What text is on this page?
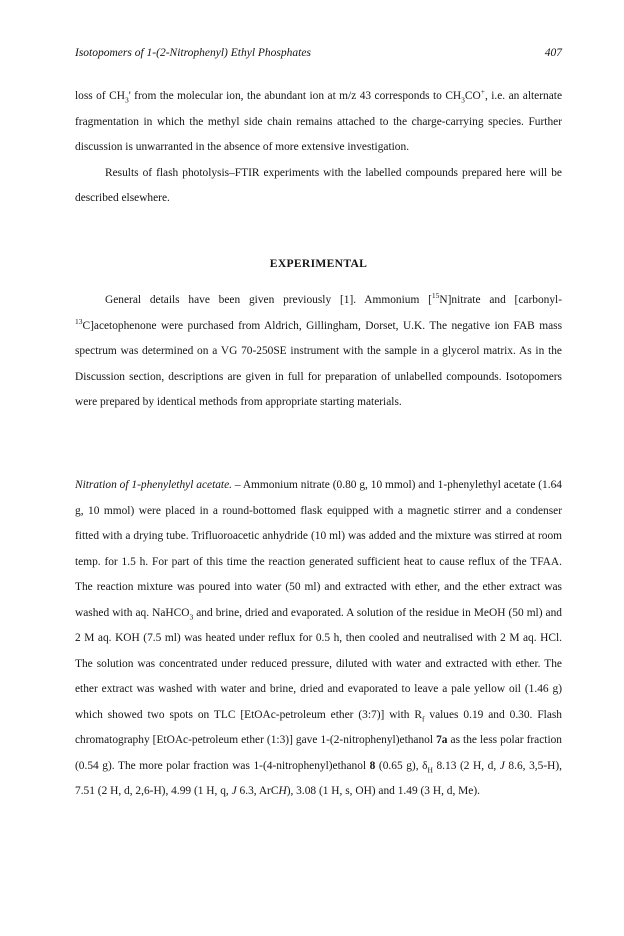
Isotopomers of 1-(2-Nitrophenyl) Ethyl Phosphates	407

loss of $CH_3'$ from the molecular ion, the abundant ion at m/z 43 corresponds to $CH_3CO^+$, i.e. an alternate fragmentation in which the methyl side chain remains attached to the charge-carrying species. Further discussion is unwarranted in the absence of more extensive investigation.

Results of flash photolysis–FTIR experiments with the labelled compounds prepared here will be described elsewhere.

EXPERIMENTAL

General details have been given previously [1]. Ammonium [$^{15}$N]nitrate and [carbonyl-$^{13}$C]acetophenone were purchased from Aldrich, Gillingham, Dorset, U.K. The negative ion FAB mass spectrum was determined on a VG 70-250SE instrument with the sample in a glycerol matrix. As in the Discussion section, descriptions are given in full for preparation of unlabelled compounds. Isotopomers were prepared by identical methods from appropriate starting materials.

Nitration of 1-phenylethyl acetate. – Ammonium nitrate (0.80 g, 10 mmol) and 1-phenylethyl acetate (1.64 g, 10 mmol) were placed in a round-bottomed flask equipped with a magnetic stirrer and a condenser fitted with a drying tube. Trifluoroacetic anhydride (10 ml) was added and the mixture was stirred at room temp. for 1.5 h. For part of this time the reaction generated sufficient heat to cause reflux of the TFAA. The reaction mixture was poured into water (50 ml) and extracted with ether, and the ether extract was washed with aq. NaHCO$_3$ and brine, dried and evaporated. A solution of the residue in MeOH (50 ml) and 2 M aq. KOH (7.5 ml) was heated under reflux for 0.5 h, then cooled and neutralised with 2 M aq. HCl. The solution was concentrated under reduced pressure, diluted with water and extracted with ether. The ether extract was washed with water and brine, dried and evaporated to leave a pale yellow oil (1.46 g) which showed two spots on TLC [EtOAc-petroleum ether (3:7)] with $R_f$ values 0.19 and 0.30. Flash chromatography [EtOAc-petroleum ether (1:3)] gave 1-(2-nitrophenyl)ethanol 7a as the less polar fraction (0.54 g). The more polar fraction was 1-(4-nitrophenyl)ethanol 8 (0.65 g), $\delta_H$ 8.13 (2 H, d, J 8.6, 3,5-H), 7.51 (2 H, d, 2,6-H), 4.99 (1 H, q, J 6.3, ArCH), 3.08 (1 H, s, OH) and 1.49 (3 H, d, Me).
